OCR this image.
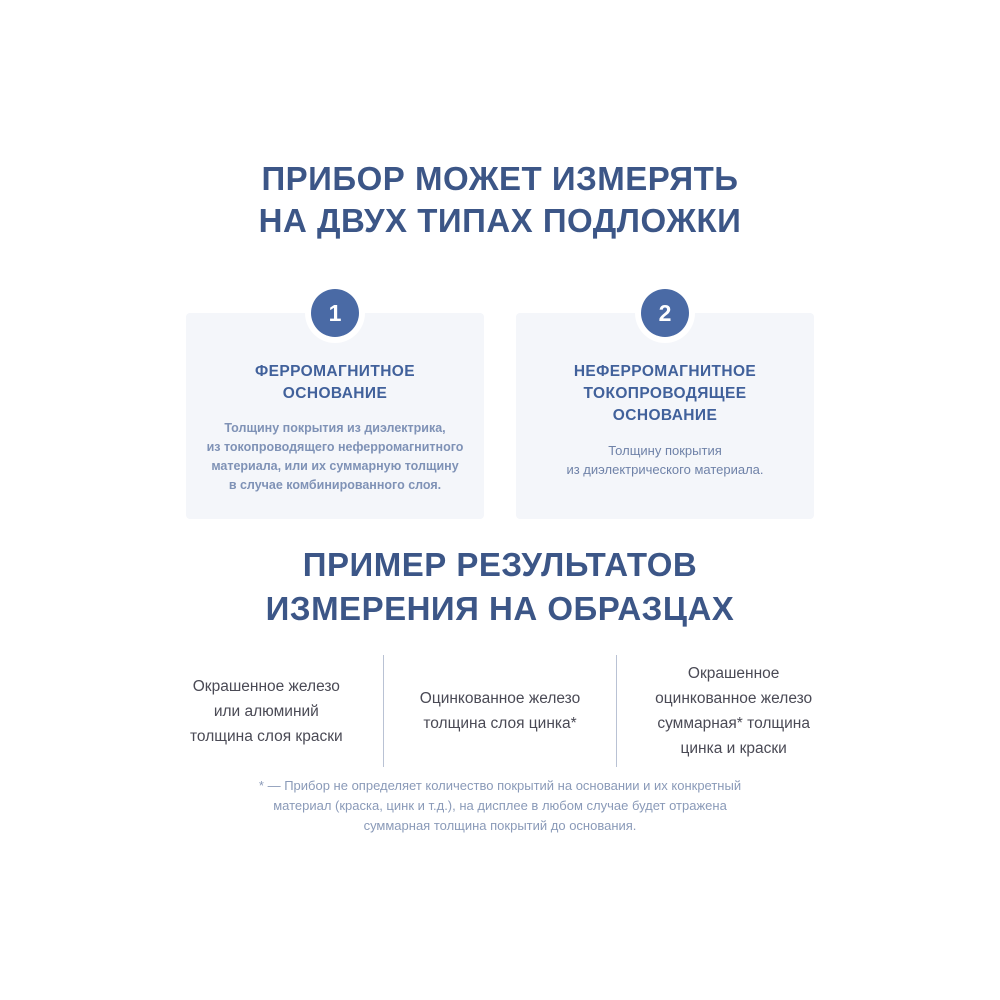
ПРИБОР МОЖЕТ ИЗМЕРЯТЬ
НА ДВУХ ТИПАХ ПОДЛОЖКИ
1
ФЕРРОМАГНИТНОЕ
ОСНОВАНИЕ
Толщину покрытия из диэлектрика,
из токопроводящего неферромагнитного
материала, или их суммарную толщину
в случае комбинированного слоя.
2
НЕФЕРРОМАГНИТНОЕ
ТОКОПРОВОДЯЩЕЕ
ОСНОВАНИЕ
Толщину покрытия
из диэлектрического материала.
ПРИМЕР РЕЗУЛЬТАТОВ
ИЗМЕРЕНИЯ НА ОБРАЗЦАХ
Окрашенное железо
или алюминий
толщина слоя краски
Оцинкованное железо
толщина слоя цинка*
Окрашенное
оцинкованное железо
суммарная* толщина
цинка и краски
* — Прибор не определяет количество покрытий на основании и их конкретный
материал (краска, цинк и т.д.), на дисплее в любом случае будет отражена
суммарная толщина покрытий до основания.
